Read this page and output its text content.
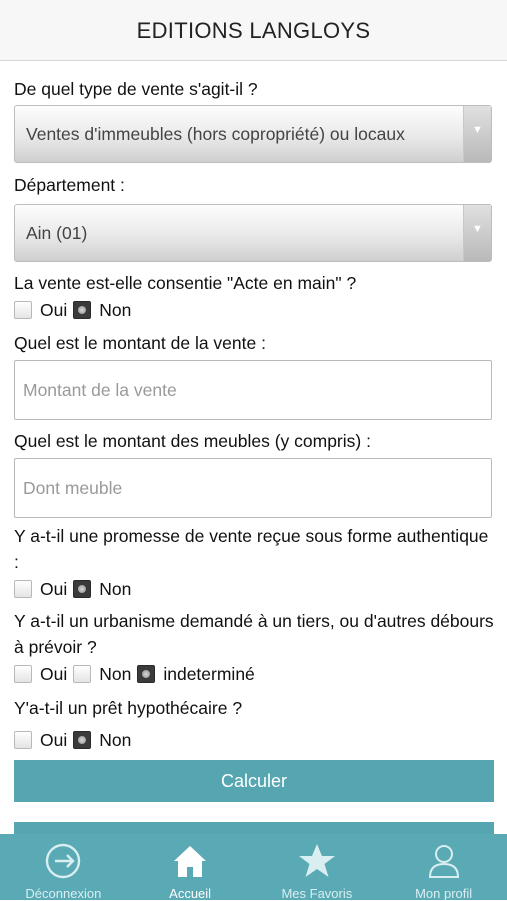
EDITIONS LANGLOYS
De quel type de vente s'agit-il ?
Ventes d'immeubles (hors copropriété) ou locaux	▼
Département :
Ain (01)	▼
La vente est-elle consentie "Acte en main" ?
Oui Non
Quel est le montant de la vente :
Montant de la vente
Quel est le montant des meubles (y compris) :
Dont meuble
Y a-t-il une promesse de vente reçue sous forme authentique :
Oui Non
Y a-t-il un urbanisme demandé à un tiers, ou d'autres débours à prévoir ?
Oui Non indeterminé
Y'a-t-il un prêt hypothécaire ?
Oui Non
Calculer
Déconnexion	Accueil	Mes Favoris	Mon profil
